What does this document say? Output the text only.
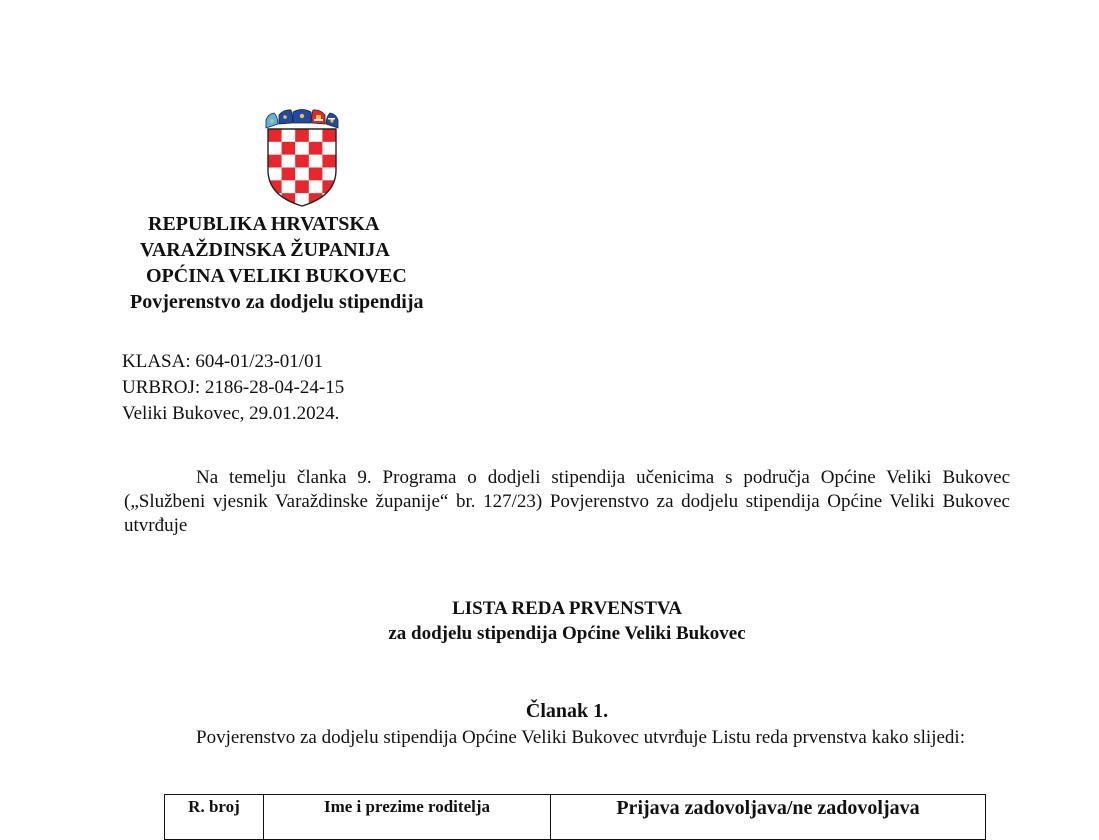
REPUBLIKA HRVATSKA
VARAŽDINSKA ŽUPANIJA
OPĆINA VELIKI BUKOVEC
Povjerenstvo za dodjelu stipendija
KLASA: 604-01/23-01/01
URBROJ: 2186-28-04-24-15
Veliki Bukovec, 29.01.2024.

Na temelju članka 9. Programa o dodjeli stipendija učenicima s područja Općine Veliki Bukovec („Službeni vjesnik Varaždinske županije“ br. 127/23) Povjerenstvo za dodjelu stipendija Općine Veliki Bukovec utvrđuje

LISTA REDA PRVENSTVA
za dodjelu stipendija Općine Veliki Bukovec
Članak 1.

Povjerenstvo za dodjelu stipendija Općine Veliki Bukovec utvrđuje Listu reda prvenstva kako slijedi:

R. broj	Ime i prezime roditelja	Prijava zadovoljava/ne zadovoljava
